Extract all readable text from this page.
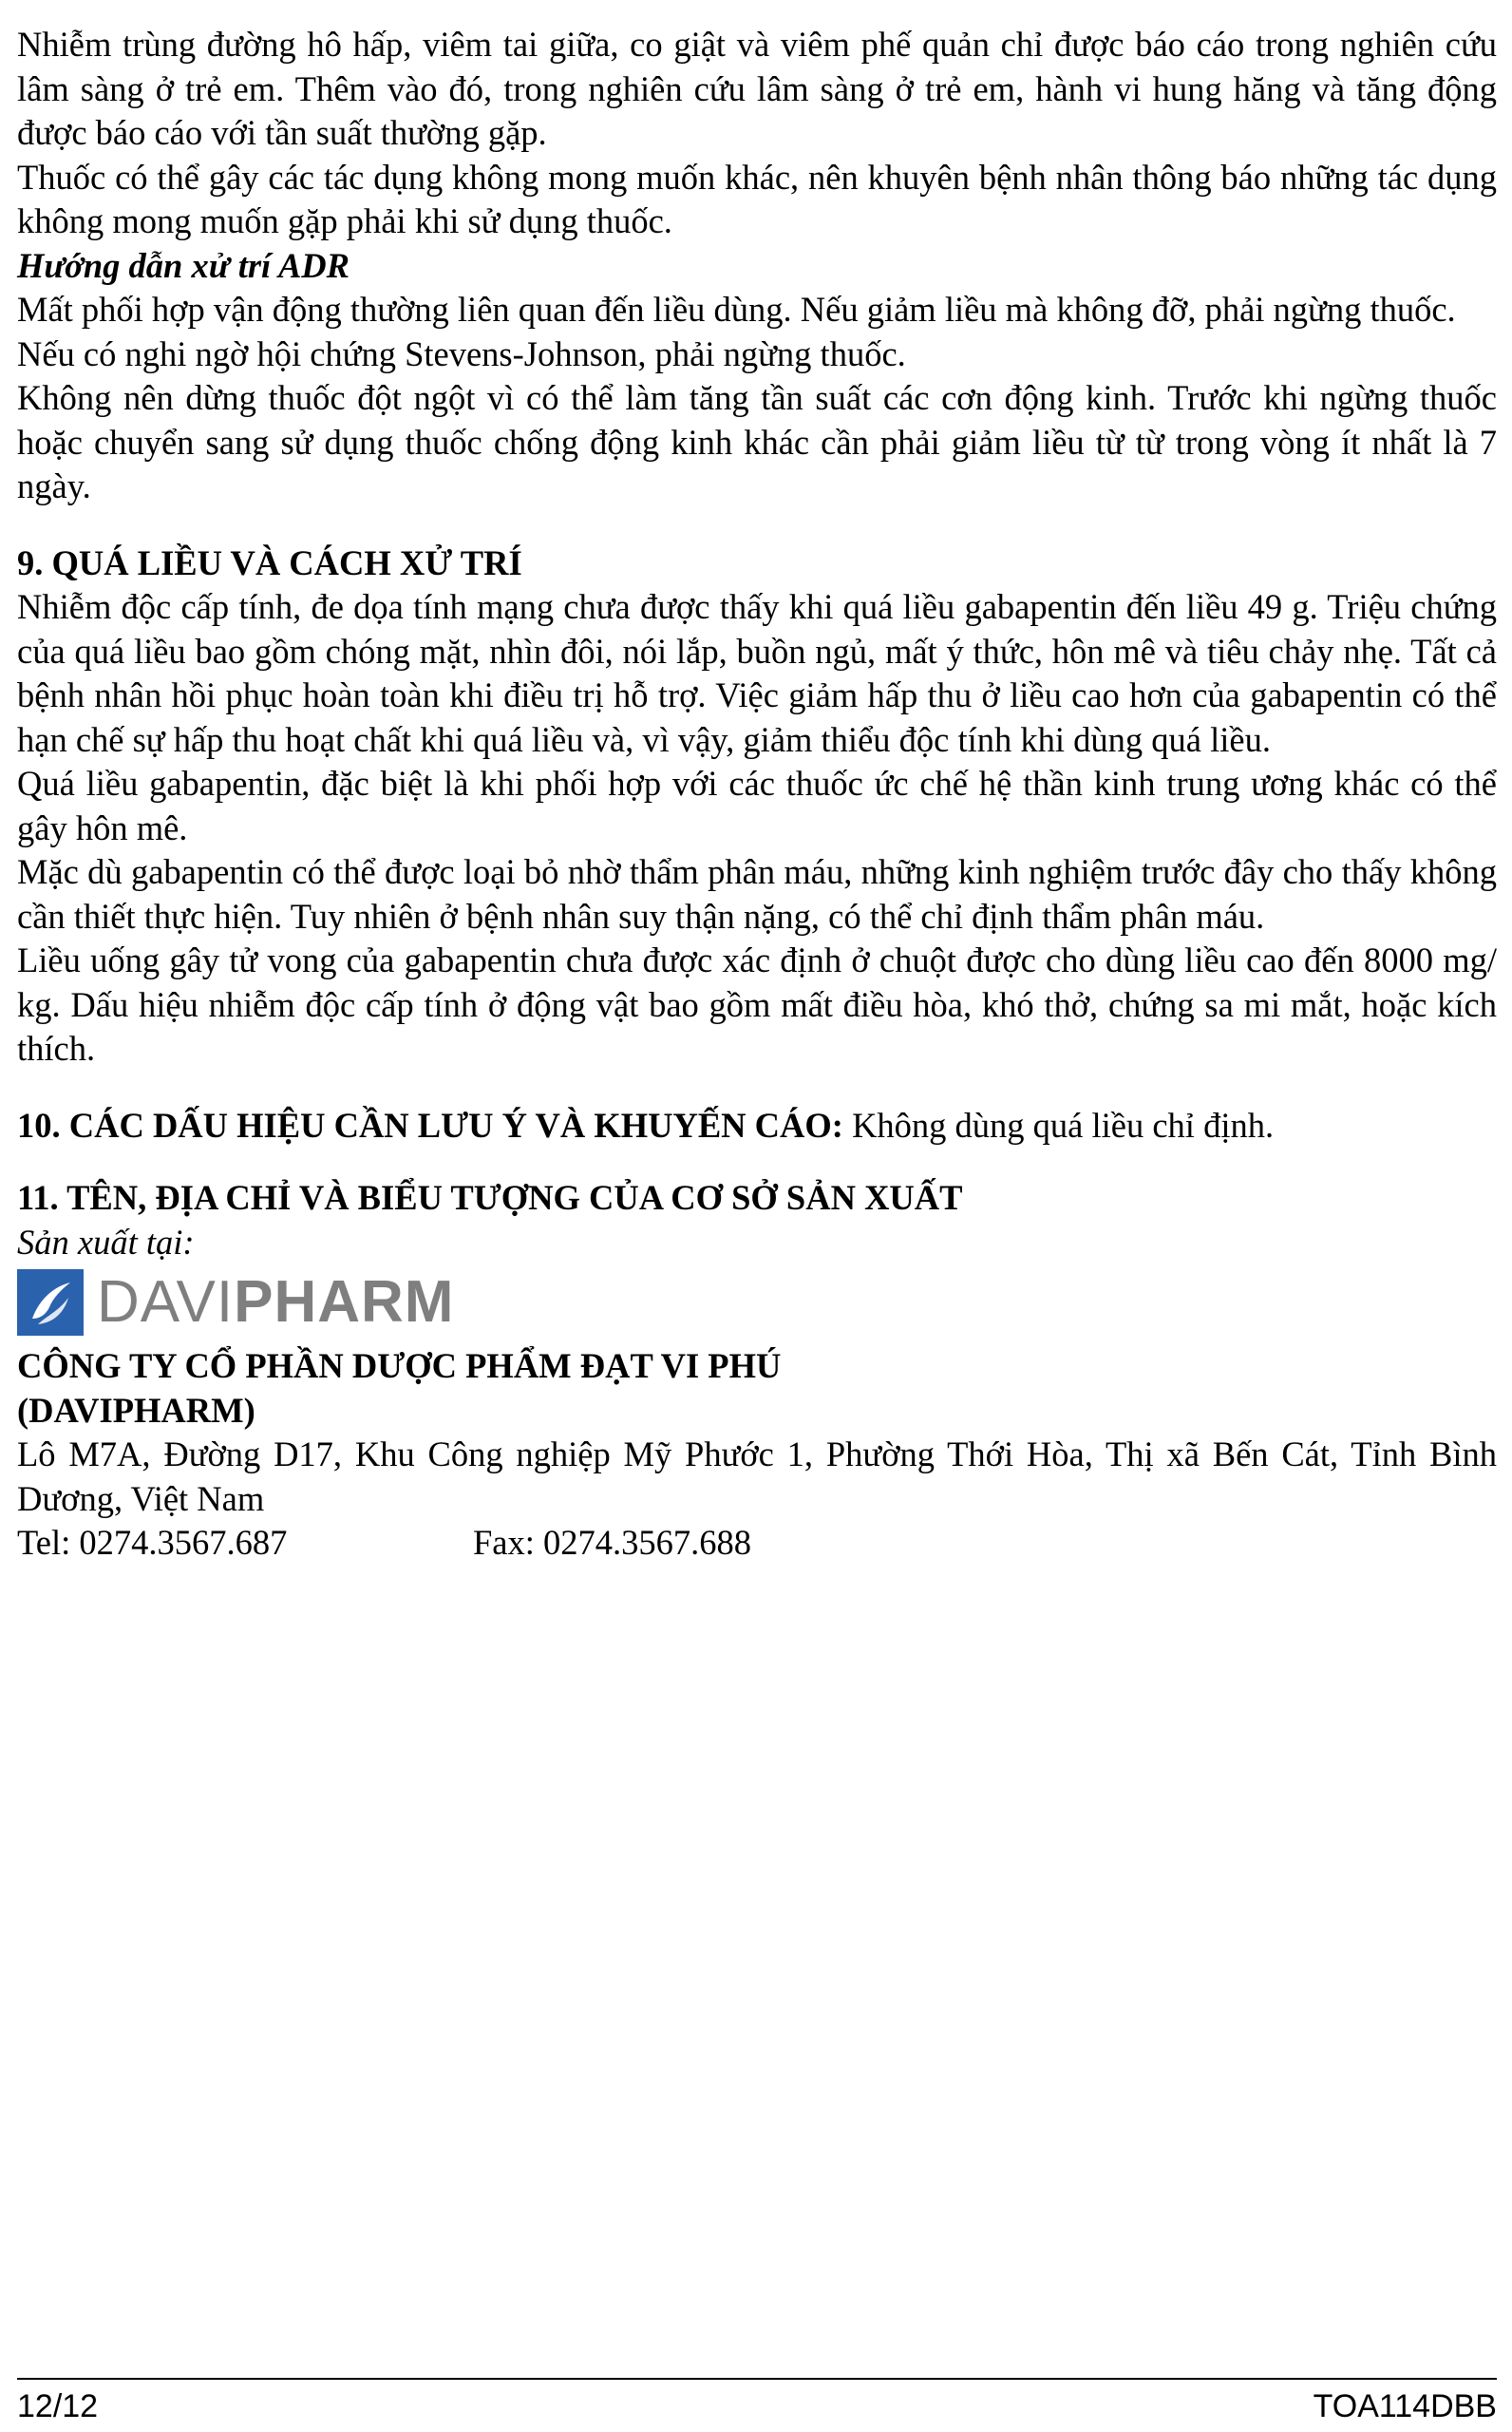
Nhiễm trùng đường hô hấp, viêm tai giữa, co giật và viêm phế quản chỉ được báo cáo trong nghiên cứu lâm sàng ở trẻ em. Thêm vào đó, trong nghiên cứu lâm sàng ở trẻ em, hành vi hung hăng và tăng động được báo cáo với tần suất thường gặp.

Thuốc có thể gây các tác dụng không mong muốn khác, nên khuyên bệnh nhân thông báo những tác dụng không mong muốn gặp phải khi sử dụng thuốc.

Hướng dẫn xử trí ADR

Mất phối hợp vận động thường liên quan đến liều dùng. Nếu giảm liều mà không đỡ, phải ngừng thuốc.

Nếu có nghi ngờ hội chứng Stevens-Johnson, phải ngừng thuốc.

Không nên dừng thuốc đột ngột vì có thể làm tăng tần suất các cơn động kinh. Trước khi ngừng thuốc hoặc chuyển sang sử dụng thuốc chống động kinh khác cần phải giảm liều từ từ trong vòng ít nhất là 7 ngày.

9. QUÁ LIỀU VÀ CÁCH XỬ TRÍ

Nhiễm độc cấp tính, đe dọa tính mạng chưa được thấy khi quá liều gabapentin đến liều 49 g. Triệu chứng của quá liều bao gồm chóng mặt, nhìn đôi, nói lắp, buồn ngủ, mất ý thức, hôn mê và tiêu chảy nhẹ. Tất cả bệnh nhân hồi phục hoàn toàn khi điều trị hỗ trợ. Việc giảm hấp thu ở liều cao hơn của gabapentin có thể hạn chế sự hấp thu hoạt chất khi quá liều và, vì vậy, giảm thiểu độc tính khi dùng quá liều.

Quá liều gabapentin, đặc biệt là khi phối hợp với các thuốc ức chế hệ thần kinh trung ương khác có thể gây hôn mê.

Mặc dù gabapentin có thể được loại bỏ nhờ thẩm phân máu, những kinh nghiệm trước đây cho thấy không cần thiết thực hiện. Tuy nhiên ở bệnh nhân suy thận nặng, có thể chỉ định thẩm phân máu.

Liều uống gây tử vong của gabapentin chưa được xác định ở chuột được cho dùng liều cao đến 8000 mg/ kg. Dấu hiệu nhiễm độc cấp tính ở động vật bao gồm mất điều hòa, khó thở, chứng sa mi mắt, hoặc kích thích.

10. CÁC DẤU HIỆU CẦN LƯU Ý VÀ KHUYẾN CÁO: Không dùng quá liều chỉ định.

11. TÊN, ĐỊA CHỈ VÀ BIỂU TƯỢNG CỦA CƠ SỞ SẢN XUẤT

Sản xuất tại:

DAVIPHARM

CÔNG TY CỔ PHẦN DƯỢC PHẨM ĐẠT VI PHÚ

(DAVIPHARM)

Lô M7A, Đường D17, Khu Công nghiệp Mỹ Phước 1, Phường Thới Hòa, Thị xã Bến Cát, Tỉnh Bình Dương, Việt Nam

Tel: 0274.3567.687	Fax: 0274.3567.688
12/12	TOA114DBB
